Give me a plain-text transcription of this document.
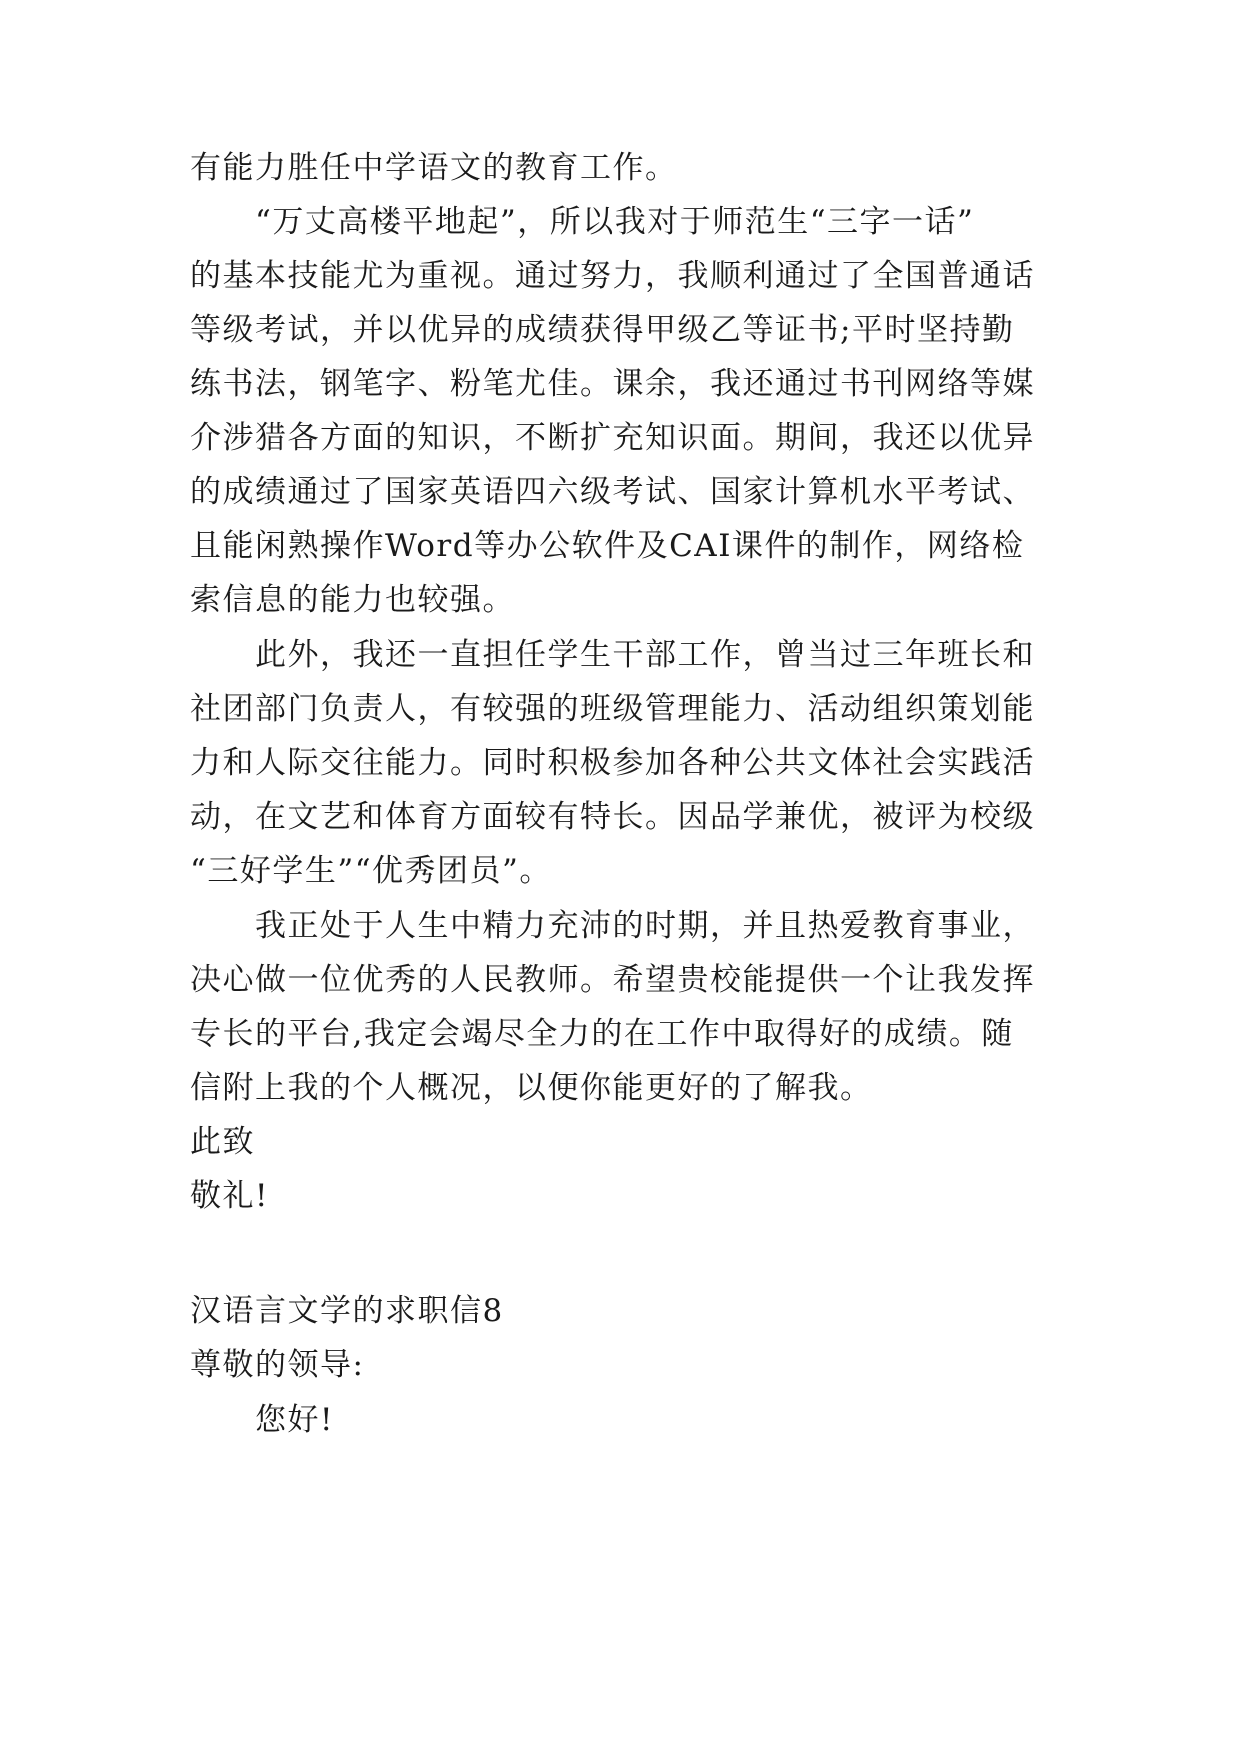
有能力胜任中学语文的教育工作。
“万丈高楼平地起”，所以我对于师范生“三字一话”
的基本技能尤为重视。通过努力，我顺利通过了全国普通话
等级考试，并以优异的成绩获得甲级乙等证书;平时坚持勤
练书法，钢笔字、粉笔尤佳。课余，我还通过书刊网络等媒
介涉猎各方面的知识，不断扩充知识面。期间，我还以优异
的成绩通过了国家英语四六级考试、国家计算机水平考试、
且能闲熟操作Word等办公软件及CAI课件的制作，网络检
索信息的能力也较强。
此外，我还一直担任学生干部工作，曾当过三年班长和
社团部门负责人，有较强的班级管理能力、活动组织策划能
力和人际交往能力。同时积极参加各种公共文体社会实践活
动，在文艺和体育方面较有特长。因品学兼优，被评为校级
“三好学生”“优秀团员”。
我正处于人生中精力充沛的时期，并且热爱教育事业，
决心做一位优秀的人民教师。希望贵校能提供一个让我发挥
专长的平台,我定会竭尽全力的在工作中取得好的成绩。随
信附上我的个人概况，以便你能更好的了解我。
此致
敬礼!
汉语言文学的求职信8
尊敬的领导:
您好!
